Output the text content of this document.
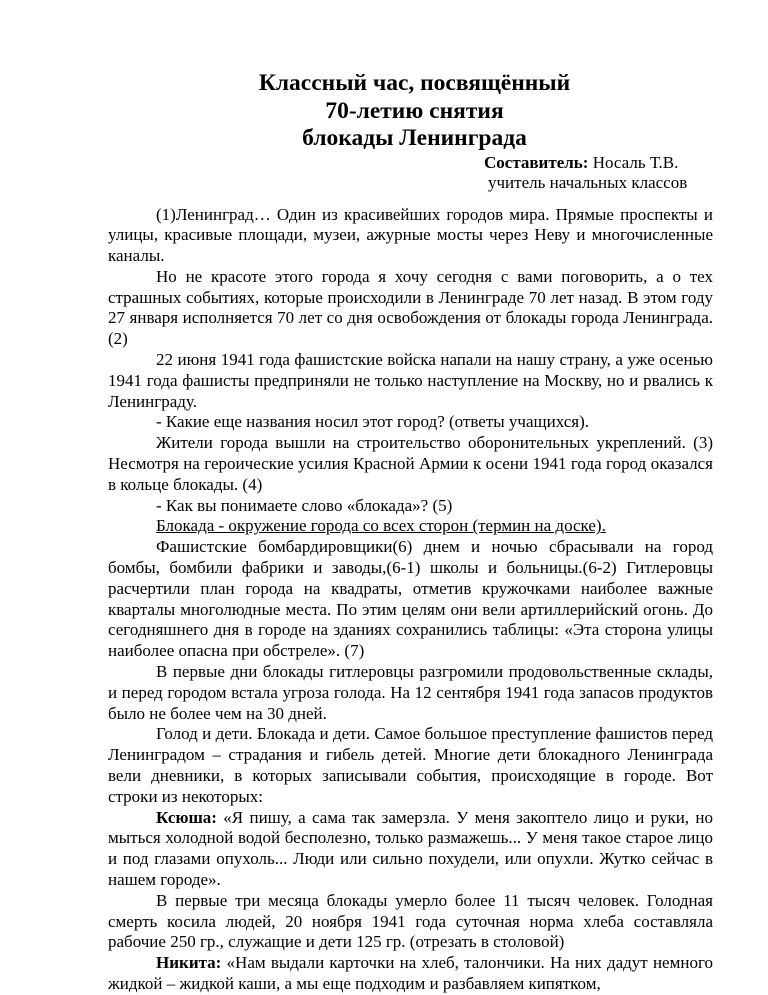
Классный час, посвящённый
70-летию снятия
блокады Ленинграда
Составитель: Носаль Т.В.
учитель начальных классов

(1)Ленинград… Один из красивейших городов мира. Прямые проспекты и улицы, красивые площади, музеи, ажурные мосты через Неву и многочисленные каналы.

Но не красоте этого города я хочу сегодня с вами поговорить, а о тех страшных событиях, которые происходили в Ленинграде 70 лет назад. В этом году 27 января исполняется 70 лет со дня освобождения от блокады города Ленинграда. (2)

22 июня 1941 года фашистские войска напали на нашу страну, а уже осенью 1941 года фашисты предприняли не только наступление на Москву, но и рвались к Ленинграду.

- Какие еще названия носил этот город? (ответы учащихся).

Жители города вышли на строительство оборонительных укреплений. (3) Несмотря на героические усилия Красной Армии к осени 1941 года город оказался в кольце блокады. (4)

- Как вы понимаете слово «блокада»? (5)

Блокада - окружение города со всех сторон (термин на доске).

Фашистские бомбардировщики(6) днем и ночью сбрасывали на город бомбы, бомбили фабрики и заводы,(6-1) школы и больницы.(6-2) Гитлеровцы расчертили план города на квадраты, отметив кружочками наиболее важные кварталы многолюдные места. По этим целям они вели артиллерийский огонь. До сегодняшнего дня в городе на зданиях сохранились таблицы: «Эта сторона улицы наиболее опасна при обстреле». (7)

В первые дни блокады гитлеровцы разгромили продовольственные склады, и перед городом встала угроза голода. На 12 сентября 1941 года запасов продуктов было не более чем на 30 дней.

Голод и дети. Блокада и дети. Самое большое преступление фашистов перед Ленинградом – страдания и гибель детей. Многие дети блокадного Ленинграда вели дневники, в которых записывали события, происходящие в городе. Вот строки из некоторых:

Ксюша: «Я пишу, а сама так замерзла. У меня закоптело лицо и руки, но мыться холодной водой бесполезно, только размажешь... У меня такое старое лицо и под глазами опухоль... Люди или сильно похудели, или опухли. Жутко сейчас в нашем городе».

В первые три месяца блокады умерло более 11 тысяч человек. Голодная смерть косила людей, 20 ноября 1941 года суточная норма хлеба составляла рабочие 250 гр., служащие и дети 125 гр. (отрезать в столовой)

Никита: «Нам выдали карточки на хлеб, талончики. На них дадут немного жидкой – жидкой каши, а мы еще подходим и разбавляем кипятком,
